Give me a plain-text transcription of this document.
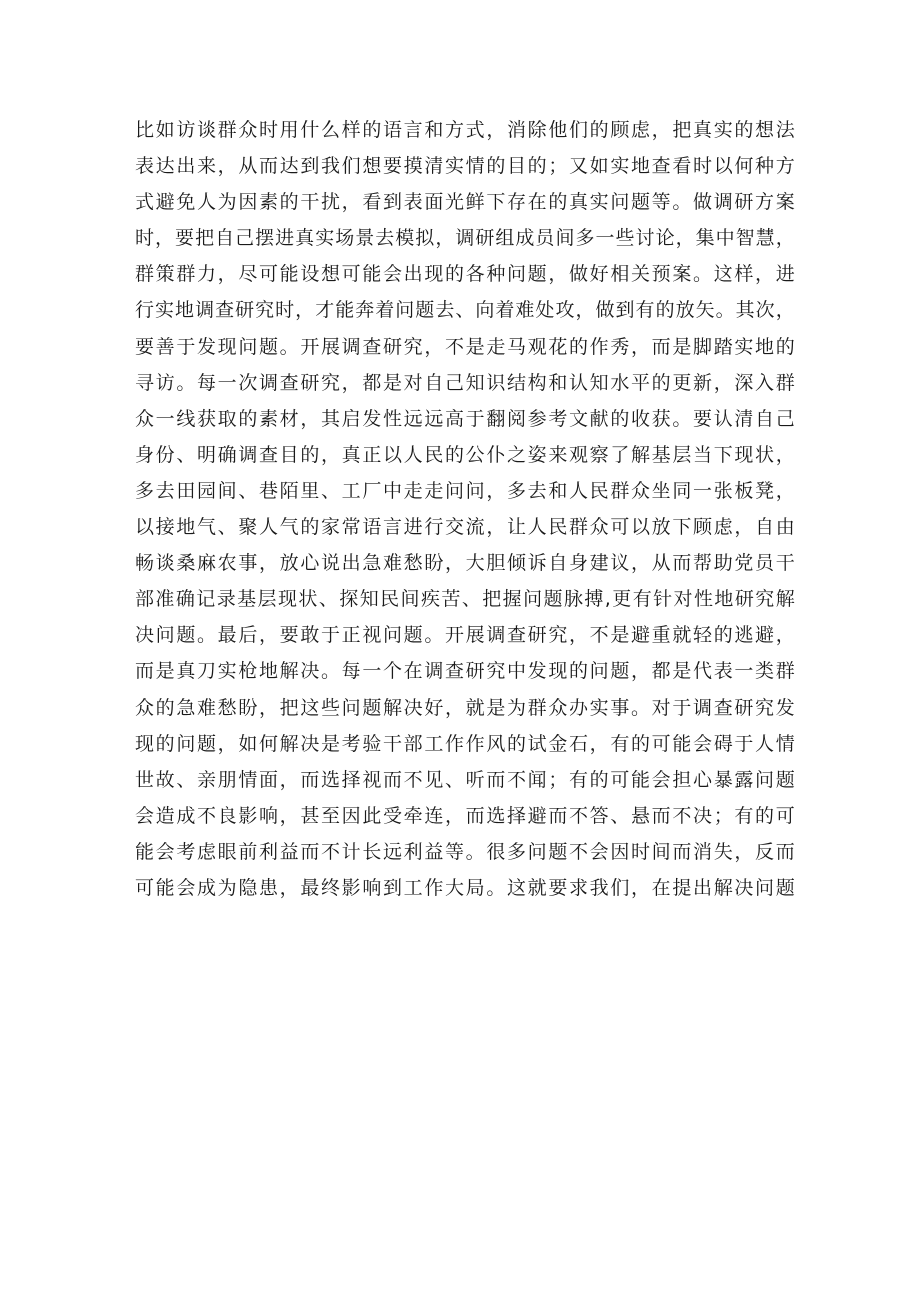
比如访谈群众时用什么样的语言和方式，消除他们的顾虑，把真实的想法
表达出来，从而达到我们想要摸清实情的目的；又如实地查看时以何种方
式避免人为因素的干扰，看到表面光鲜下存在的真实问题等。做调研方案
时，要把自己摆进真实场景去模拟，调研组成员间多一些讨论，集中智慧，
群策群力，尽可能设想可能会出现的各种问题，做好相关预案。这样，进
行实地调查研究时，才能奔着问题去、向着难处攻，做到有的放矢。其次，
要善于发现问题。开展调查研究，不是走马观花的作秀，而是脚踏实地的
寻访。每一次调查研究，都是对自己知识结构和认知水平的更新，深入群
众一线获取的素材，其启发性远远高于翻阅参考文献的收获。要认清自己
身份、明确调查目的，真正以人民的公仆之姿来观察了解基层当下现状，
多去田园间、巷陌里、工厂中走走问问，多去和人民群众坐同一张板凳，
以接地气、聚人气的家常语言进行交流，让人民群众可以放下顾虑，自由
畅谈桑麻农事，放心说出急难愁盼，大胆倾诉自身建议，从而帮助党员干
部准确记录基层现状、探知民间疾苦、把握问题脉搏,更有针对性地研究解
决问题。最后，要敢于正视问题。开展调查研究，不是避重就轻的逃避，
而是真刀实枪地解决。每一个在调查研究中发现的问题，都是代表一类群
众的急难愁盼，把这些问题解决好，就是为群众办实事。对于调查研究发
现的问题，如何解决是考验干部工作作风的试金石，有的可能会碍于人情
世故、亲朋情面，而选择视而不见、听而不闻；有的可能会担心暴露问题
会造成不良影响，甚至因此受牵连，而选择避而不答、悬而不决；有的可
能会考虑眼前利益而不计长远利益等。很多问题不会因时间而消失，反而
可能会成为隐患，最终影响到工作大局。这就要求我们，在提出解决问题
